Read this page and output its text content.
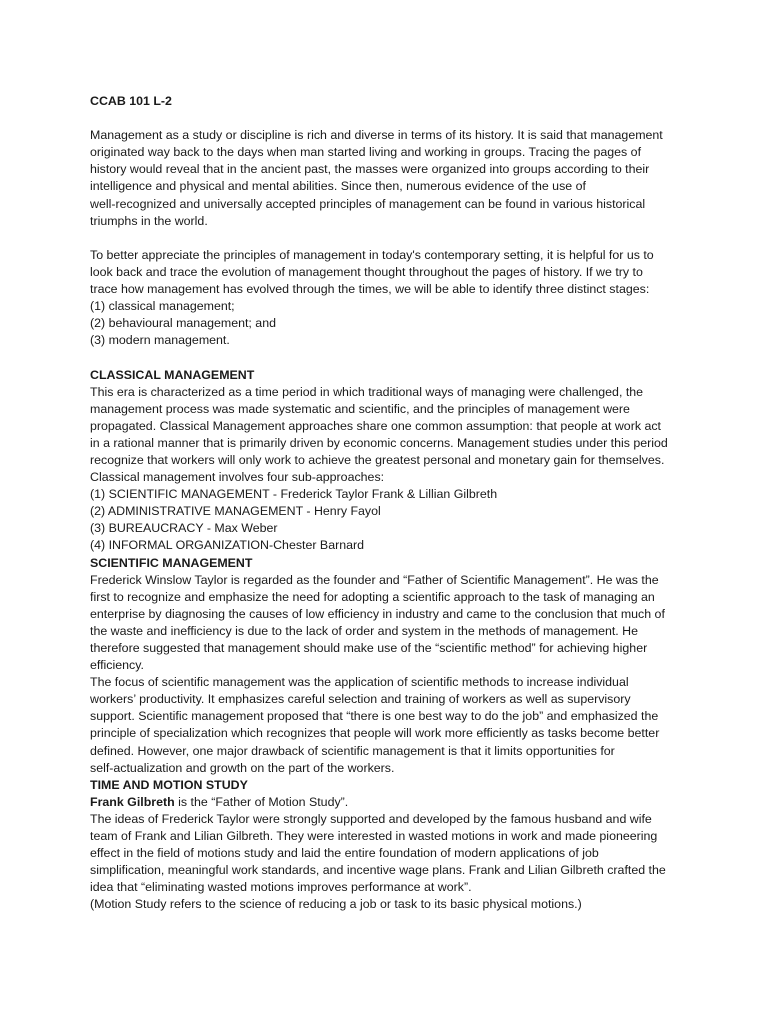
CCAB 101 L-2
Management as a study or discipline is rich and diverse in terms of its history. It is said that management
originated way back to the days when man started living and working in groups. Tracing the pages of
history would reveal that in the ancient past, the masses were organized into groups according to their
intelligence and physical and mental abilities. Since then, numerous evidence of the use of
well-recognized and universally accepted principles of management can be found in various historical
triumphs in the world.
To better appreciate the principles of management in today's contemporary setting, it is helpful for us to
look back and trace the evolution of management thought throughout the pages of history. If we try to
trace how management has evolved through the times, we will be able to identify three distinct stages:
(1) classical management;
(2) behavioural management; and
(3) modern management.
CLASSICAL MANAGEMENT
This era is characterized as a time period in which traditional ways of managing were challenged, the
management process was made systematic and scientific, and the principles of management were
propagated. Classical Management approaches share one common assumption: that people at work act
in a rational manner that is primarily driven by economic concerns. Management studies under this period
recognize that workers will only work to achieve the greatest personal and monetary gain for themselves.
Classical management involves four sub-approaches:
(1) SCIENTIFIC MANAGEMENT - Frederick Taylor Frank & Lillian Gilbreth
(2) ADMINISTRATIVE MANAGEMENT - Henry Fayol
(3) BUREAUCRACY - Max Weber
(4) INFORMAL ORGANIZATION-Chester Barnard
SCIENTIFIC MANAGEMENT
Frederick Winslow Taylor is regarded as the founder and “Father of Scientific Management”. He was the
first to recognize and emphasize the need for adopting a scientific approach to the task of managing an
enterprise by diagnosing the causes of low efficiency in industry and came to the conclusion that much of
the waste and inefficiency is due to the lack of order and system in the methods of management. He
therefore suggested that management should make use of the “scientific method” for achieving higher
efficiency.
The focus of scientific management was the application of scientific methods to increase individual
workers’ productivity. It emphasizes careful selection and training of workers as well as supervisory
support. Scientific management proposed that “there is one best way to do the job” and emphasized the
principle of specialization which recognizes that people will work more efficiently as tasks become better
defined. However, one major drawback of scientific management is that it limits opportunities for
self-actualization and growth on the part of the workers.
TIME AND MOTION STUDY
Frank Gilbreth is the “Father of Motion Study”.
The ideas of Frederick Taylor were strongly supported and developed by the famous husband and wife
team of Frank and Lilian Gilbreth. They were interested in wasted motions in work and made pioneering
effect in the field of motions study and laid the entire foundation of modern applications of job
simplification, meaningful work standards, and incentive wage plans. Frank and Lilian Gilbreth crafted the
idea that “eliminating wasted motions improves performance at work”.
(Motion Study refers to the science of reducing a job or task to its basic physical motions.)
